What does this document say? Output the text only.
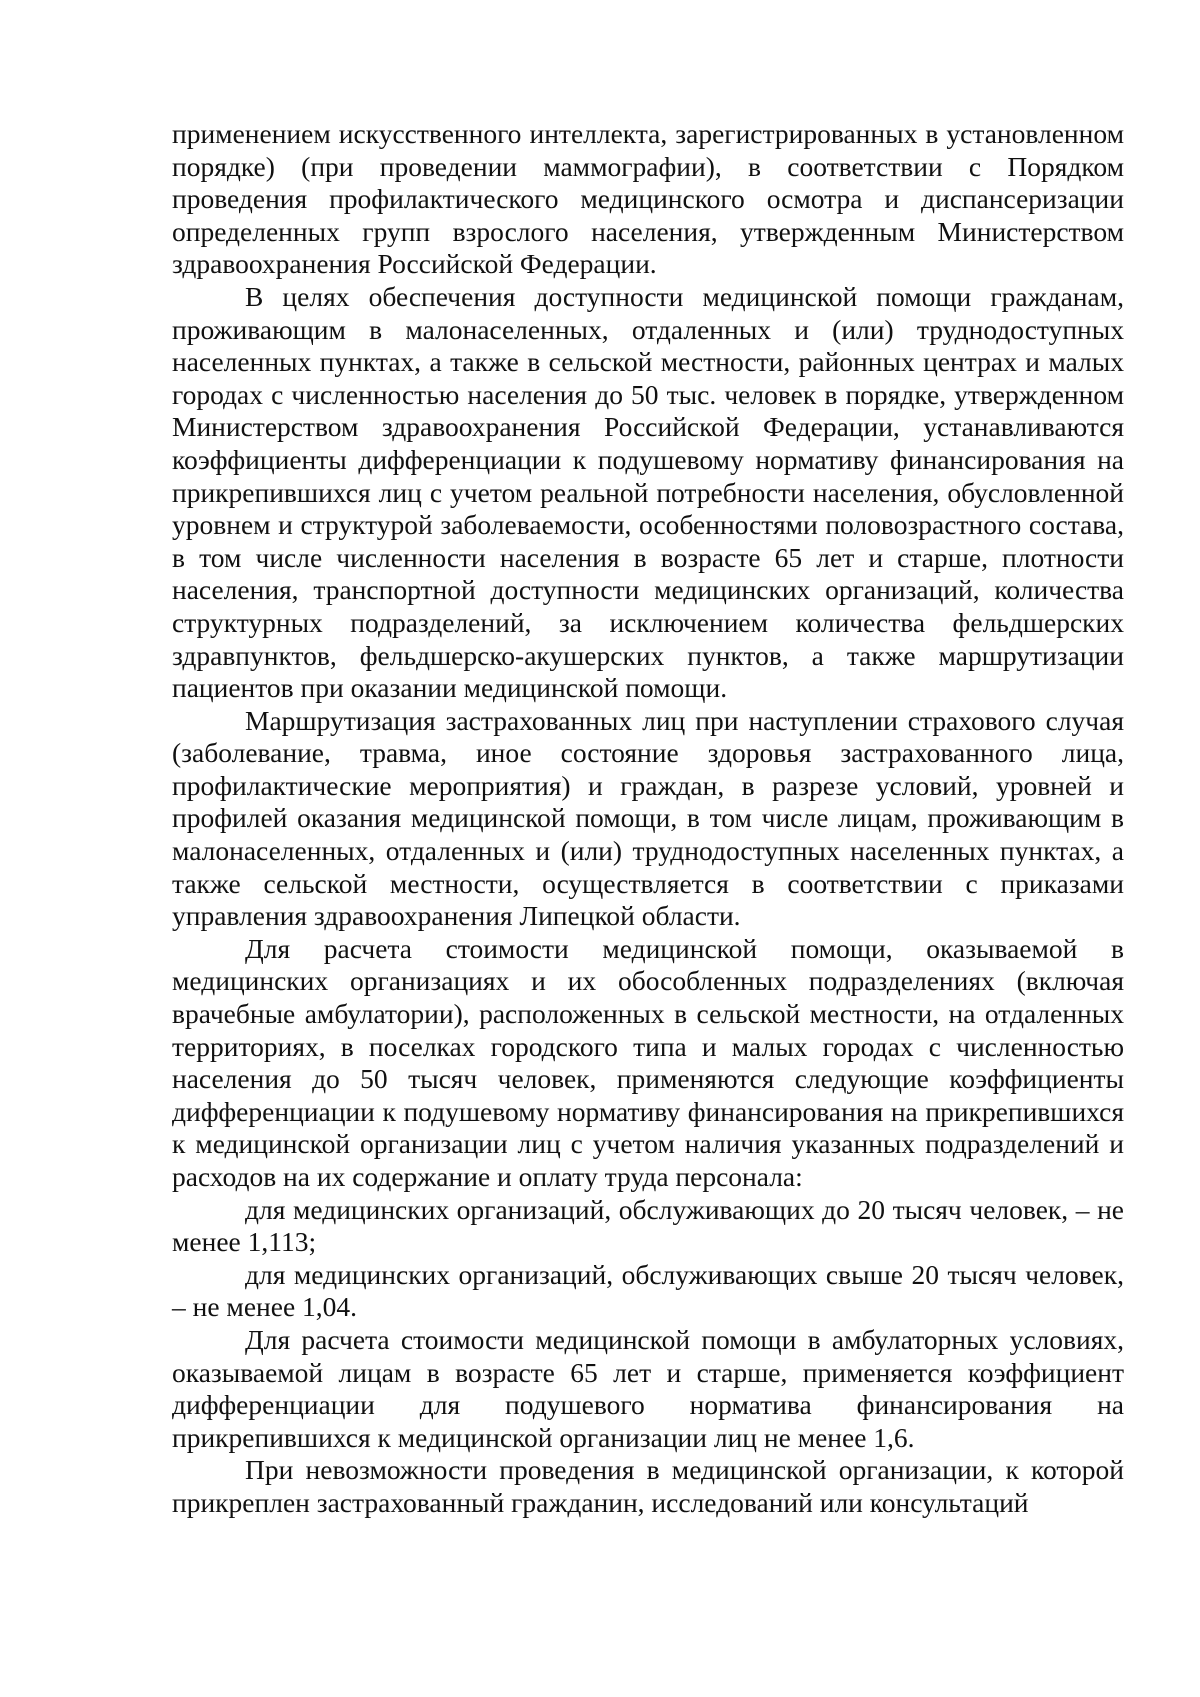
применением искусственного интеллекта, зарегистрированных в установленном порядке) (при проведении маммографии), в соответствии с Порядком проведения профилактического медицинского осмотра и диспансеризации определенных групп взрослого населения, утвержденным Министерством здравоохранения Российской Федерации.

В целях обеспечения доступности медицинской помощи гражданам, проживающим в малонаселенных, отдаленных и (или) труднодоступных населенных пунктах, а также в сельской местности, районных центрах и малых городах с численностью населения до 50 тыс. человек в порядке, утвержденном Министерством здравоохранения Российской Федерации, устанавливаются коэффициенты дифференциации к подушевому нормативу финансирования на прикрепившихся лиц с учетом реальной потребности населения, обусловленной уровнем и структурой заболеваемости, особенностями половозрастного состава, в том числе численности населения в возрасте 65 лет и старше, плотности населения, транспортной доступности медицинских организаций, количества структурных подразделений, за исключением количества фельдшерских здравпунктов, фельдшерско-акушерских пунктов, а также маршрутизации пациентов при оказании медицинской помощи.

Маршрутизация застрахованных лиц при наступлении страхового случая (заболевание, травма, иное состояние здоровья застрахованного лица, профилактические мероприятия) и граждан, в разрезе условий, уровней и профилей оказания медицинской помощи, в том числе лицам, проживающим в малонаселенных, отдаленных и (или) труднодоступных населенных пунктах, а также сельской местности, осуществляется в соответствии с приказами управления здравоохранения Липецкой области.

Для расчета стоимости медицинской помощи, оказываемой в медицинских организациях и их обособленных подразделениях (включая врачебные амбулатории), расположенных в сельской местности, на отдаленных территориях, в поселках городского типа и малых городах с численностью населения до 50 тысяч человек, применяются следующие коэффициенты дифференциации к подушевому нормативу финансирования на прикрепившихся к медицинской организации лиц с учетом наличия указанных подразделений и расходов на их содержание и оплату труда персонала:

для медицинских организаций, обслуживающих до 20 тысяч человек, – не менее 1,113;

для медицинских организаций, обслуживающих свыше 20 тысяч человек, – не менее 1,04.

Для расчета стоимости медицинской помощи в амбулаторных условиях, оказываемой лицам в возрасте 65 лет и старше, применяется коэффициент дифференциации для подушевого норматива финансирования на прикрепившихся к медицинской организации лиц не менее 1,6.

При невозможности проведения в медицинской организации, к которой прикреплен застрахованный гражданин, исследований или консультаций
